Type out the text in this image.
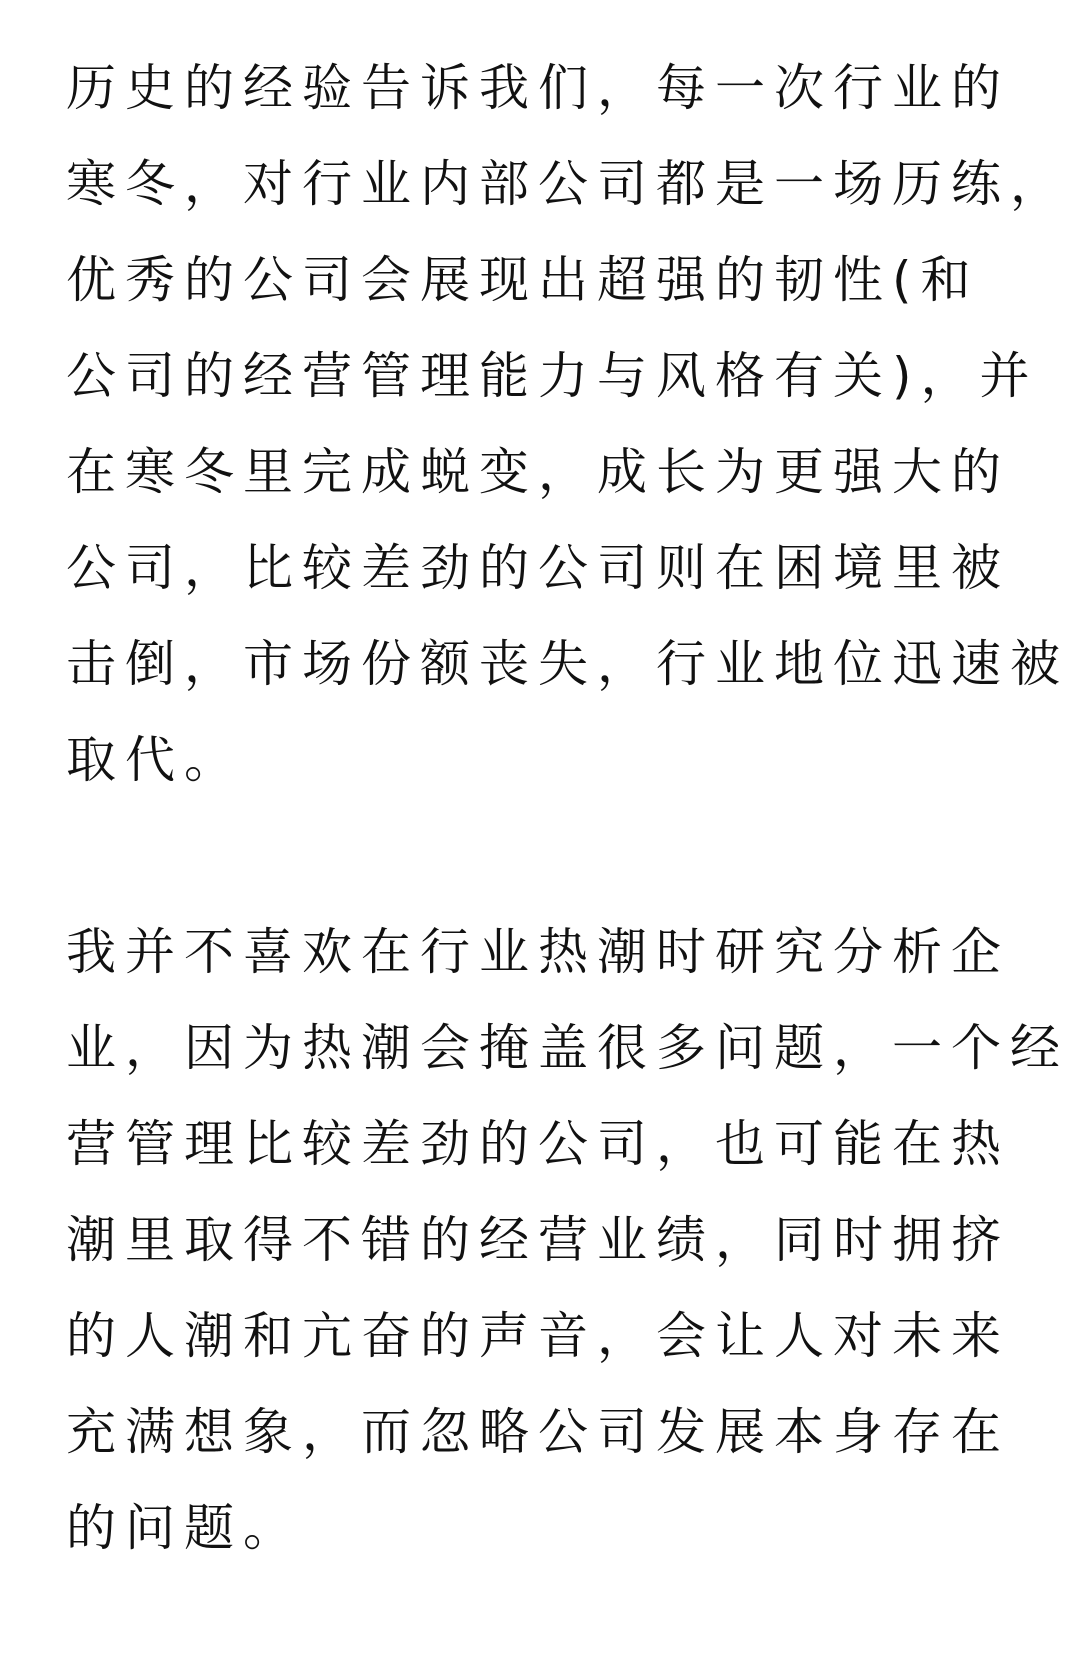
历史的经验告诉我们，每一次行业的
寒冬，对行业内部公司都是一场历练，
优秀的公司会展现出超强的韧性(和
公司的经营管理能力与风格有关)，并
在寒冬里完成蜕变，成长为更强大的
公司，比较差劲的公司则在困境里被
击倒，市场份额丧失，行业地位迅速被
取代。
我并不喜欢在行业热潮时研究分析企
业，因为热潮会掩盖很多问题，一个经
营管理比较差劲的公司，也可能在热
潮里取得不错的经营业绩，同时拥挤
的人潮和亢奋的声音，会让人对未来
充满想象，而忽略公司发展本身存在
的问题。
